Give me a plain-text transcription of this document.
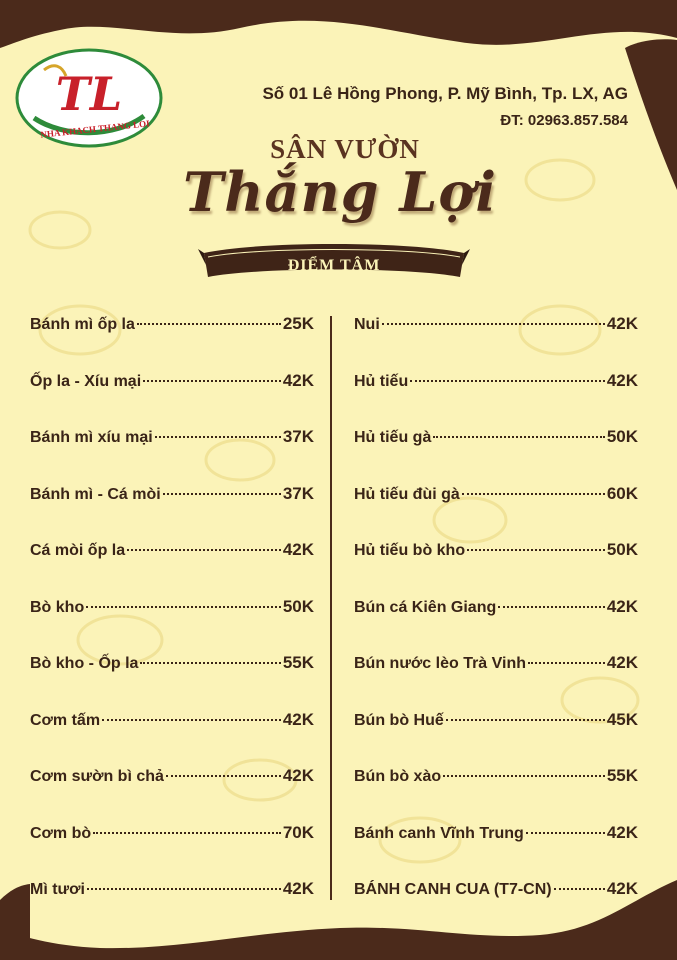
TL
NHA KHACH THANG LOI
Số 01 Lê Hồng Phong, P. Mỹ Bình, Tp. LX, AG
ĐT: 02963.857.584
SÂN VƯỜN
Thắng Lợi
ĐIỂM TÂM
Bánh mì ốp la	25K
Ốp la - Xíu mại	42K
Bánh mì xíu mại	37K
Bánh mì - Cá mòi	37K
Cá mòi ốp la	42K
Bò kho	50K
Bò kho - Ốp la	55K
Cơm tấm	42K
Cơm sườn bì chả	42K
Cơm bò	70K
Mì tươi	42K
Nui	42K
Hủ tiếu	42K
Hủ tiếu gà	50K
Hủ tiếu đùi gà	60K
Hủ tiếu bò kho	50K
Bún cá Kiên Giang	42K
Bún nước lèo Trà Vinh	42K
Bún bò Huế	45K
Bún bò xào	55K
Bánh canh Vĩnh Trung	42K
BÁNH CANH CUA (T7-CN)	42K
